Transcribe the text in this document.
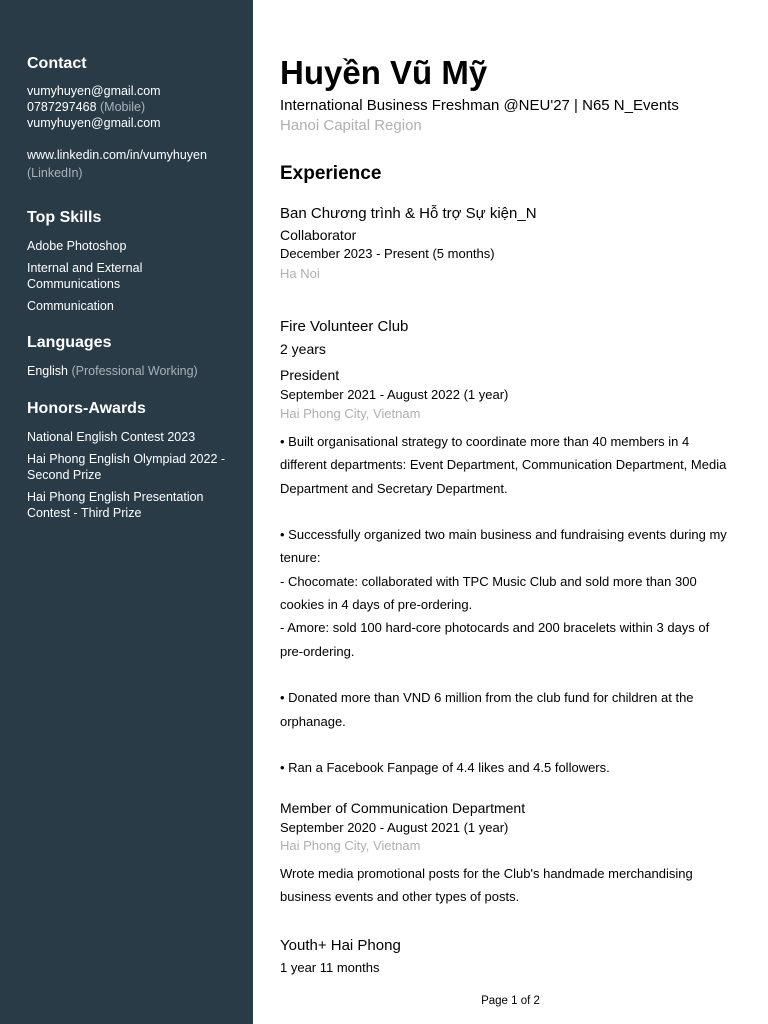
Contact
vumyhuyen@gmail.com
0787297468 (Mobile)
vumyhuyen@gmail.com
www.linkedin.com/in/vumyhuyen
(LinkedIn)
Top Skills
Adobe Photoshop
Internal and External Communications
Communication
Languages
English (Professional Working)
Honors-Awards
National English Contest 2023
Hai Phong English Olympiad 2022 - Second Prize
Hai Phong English Presentation Contest - Third Prize
Huyền Vũ Mỹ
International Business Freshman @NEU'27 | N65 N_Events
Hanoi Capital Region
Experience
Ban Chương trình & Hỗ trợ Sự kiện_N
Collaborator
December 2023 - Present (5 months)
Ha Noi
Fire Volunteer Club
2 years
President
September 2021 - August 2022 (1 year)
Hai Phong City, Vietnam
• Built organisational strategy to coordinate more than 40 members in 4
different departments: Event Department, Communication Department, Media
Department and Secretary Department.
• Successfully organized two main business and fundraising events during my
tenure:
- Chocomate: collaborated with TPC Music Club and sold more than 300
cookies in 4 days of pre-ordering.
- Amore: sold 100 hard-core photocards and 200 bracelets within 3 days of
pre-ordering.
• Donated more than VND 6 million from the club fund for children at the
orphanage.
• Ran a Facebook Fanpage of 4.4 likes and 4.5 followers.
Member of Communication Department
September 2020 - August 2021 (1 year)
Hai Phong City, Vietnam
Wrote media promotional posts for the Club's handmade merchandising
business events and other types of posts.
Youth+ Hai Phong
1 year 11 months
Page 1 of 2
